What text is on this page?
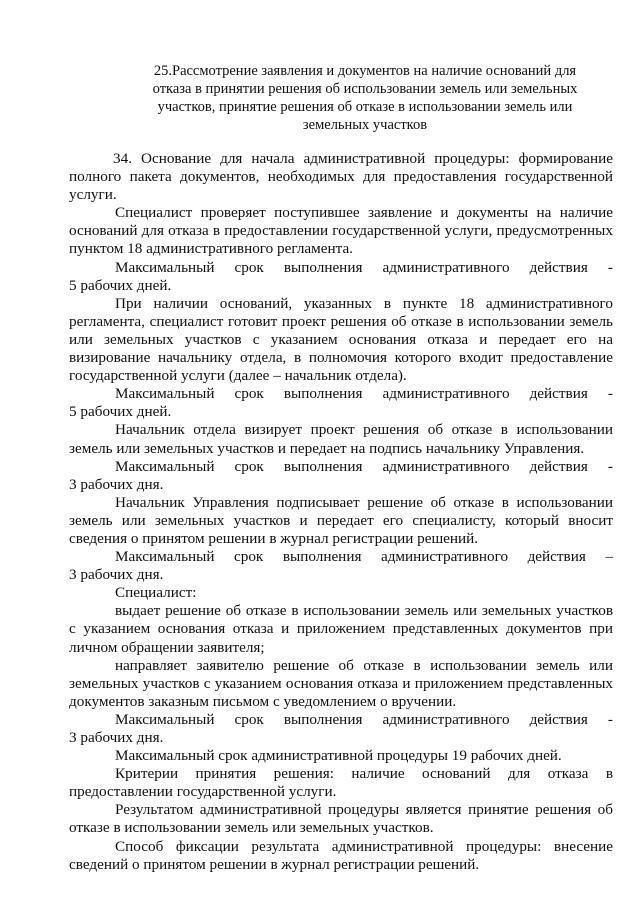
25.Рассмотрение заявления и документов на наличие оснований для
отказа в принятии решения об использовании земель или земельных
участков, принятие решения об отказе в использовании земель или
земельных участков

34. Основание для начала административной процедуры: формирование полного пакета документов, необходимых для предоставления государственной услуги.

Специалист проверяет поступившее заявление и документы на наличие оснований для отказа в предоставлении государственной услуги, предусмотренных пунктом 18 административного регламента.

Максимальный срок выполнения административного действия -

5 рабочих дней.

При наличии оснований, указанных в пункте 18 административного регламента, специалист готовит проект решения об отказе в использовании земель или земельных участков с указанием основания отказа и передает его на визирование начальнику отдела, в полномочия которого входит предоставление государственной услуги (далее – начальник отдела).

Максимальный срок выполнения административного действия -

5 рабочих дней.

Начальник отдела визирует проект решения об отказе в использовании земель или земельных участков и передает на подпись начальнику Управления.

Максимальный срок выполнения административного действия -

3 рабочих дня.

Начальник Управления подписывает решение об отказе в использовании земель или земельных участков и передает его специалисту, который вносит сведения о принятом решении в журнал регистрации решений.

Максимальный срок выполнения административного действия –

3 рабочих дня.

Специалист:

выдает решение об отказе в использовании земель или земельных участков с указанием основания отказа и приложением представленных документов при личном обращении заявителя;

направляет заявителю решение об отказе в использовании земель или земельных участков с указанием основания отказа и приложением представленных документов заказным письмом с уведомлением о вручении.

Максимальный срок выполнения административного действия -

3 рабочих дня.

Максимальный срок административной процедуры 19 рабочих дней.

Критерии принятия решения: наличие оснований для отказа в предоставлении государственной услуги.

Результатом административной процедуры является принятие решения об отказе в использовании земель или земельных участков.

Способ фиксации результата административной процедуры: внесение сведений о принятом решении в журнал регистрации решений.
